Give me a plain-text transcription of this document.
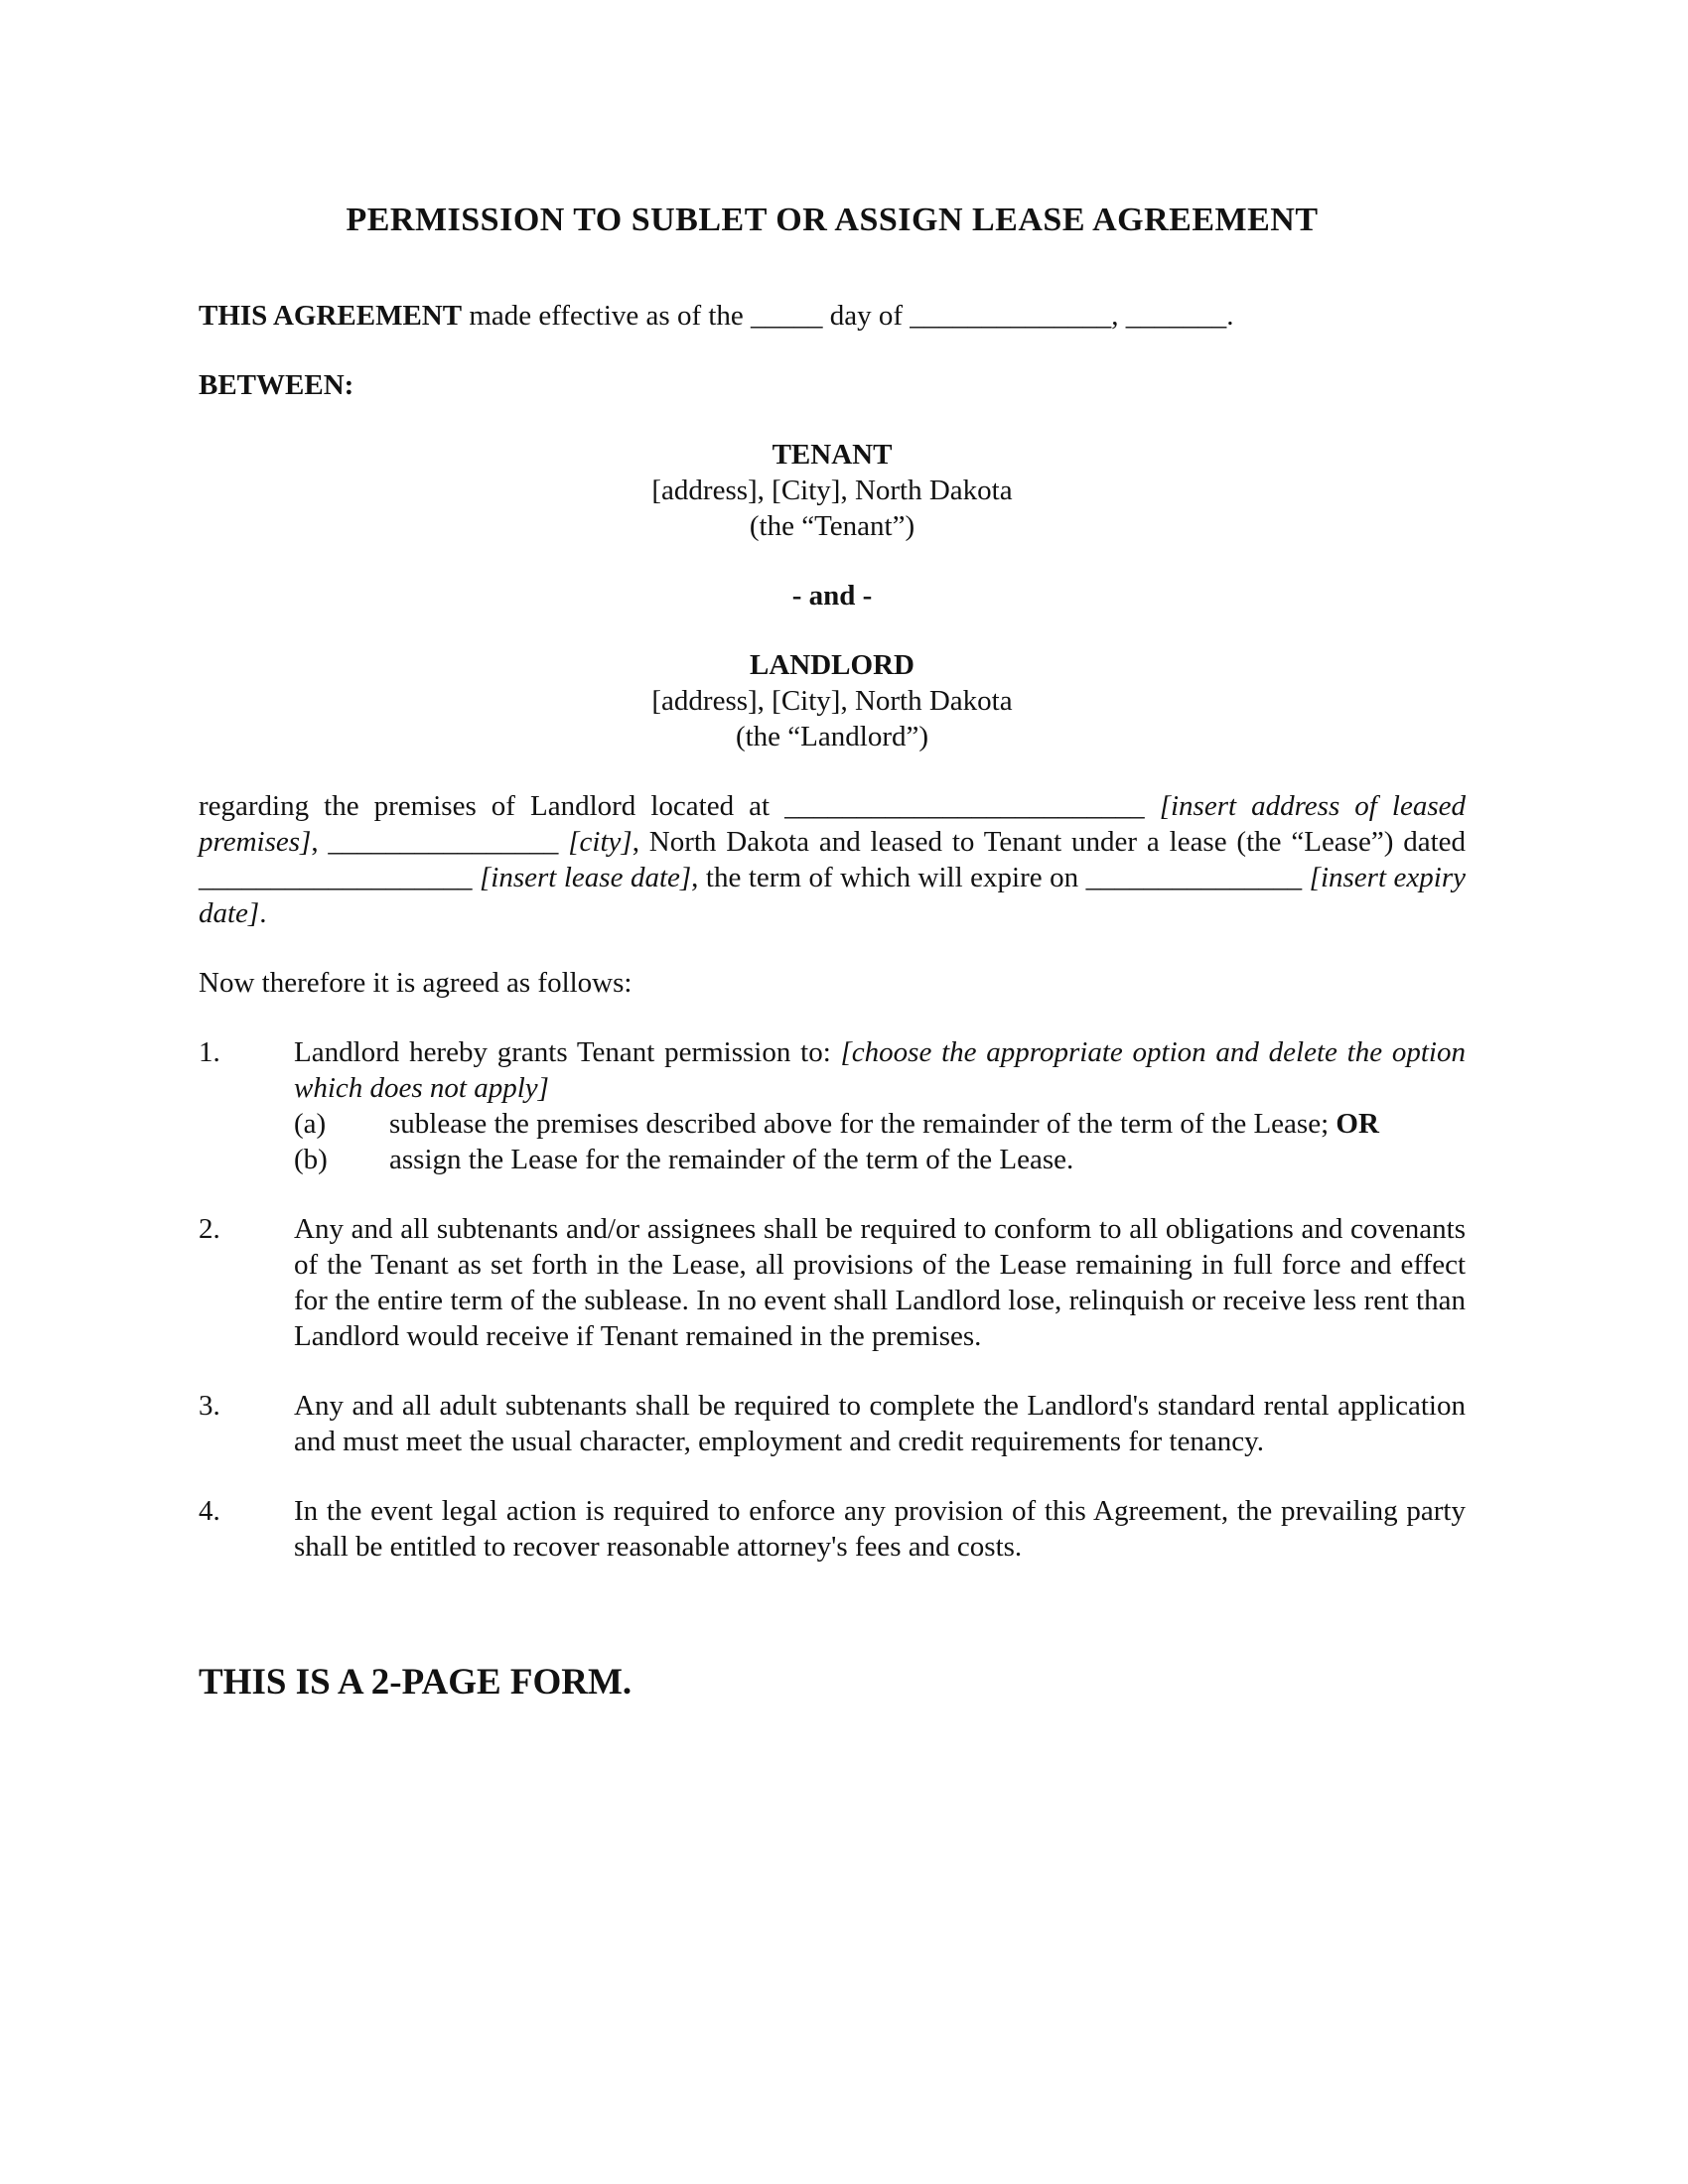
PERMISSION TO SUBLET OR ASSIGN LEASE AGREEMENT

THIS AGREEMENT made effective as of the _____ day of ______________, _______.

BETWEEN:

TENANT
[address], [City], North Dakota
(the “Tenant”)
- and -
LANDLORD
[address], [City], North Dakota
(the “Landlord”)

regarding the premises of Landlord located at _________________________ [insert address of leased premises], ________________ [city], North Dakota and leased to Tenant under a lease (the “Lease”) dated ___________________ [insert lease date], the term of which will expire on _______________ [insert expiry date].

Now therefore it is agreed as follows:

1.	Landlord hereby grants Tenant permission to: [choose the appropriate option and delete the option which does not apply]
(a)	sublease the premises described above for the remainder of the term of the Lease; OR
(b)	assign the Lease for the remainder of the term of the Lease.
2.	Any and all subtenants and/or assignees shall be required to conform to all obligations and covenants of the Tenant as set forth in the Lease, all provisions of the Lease remaining in full force and effect for the entire term of the sublease. In no event shall Landlord lose, relinquish or receive less rent than Landlord would receive if Tenant remained in the premises.
3.	Any and all adult subtenants shall be required to complete the Landlord's standard rental application and must meet the usual character, employment and credit requirements for tenancy.
4.	In the event legal action is required to enforce any provision of this Agreement, the prevailing party shall be entitled to recover reasonable attorney's fees and costs.

THIS IS A 2-PAGE FORM.
